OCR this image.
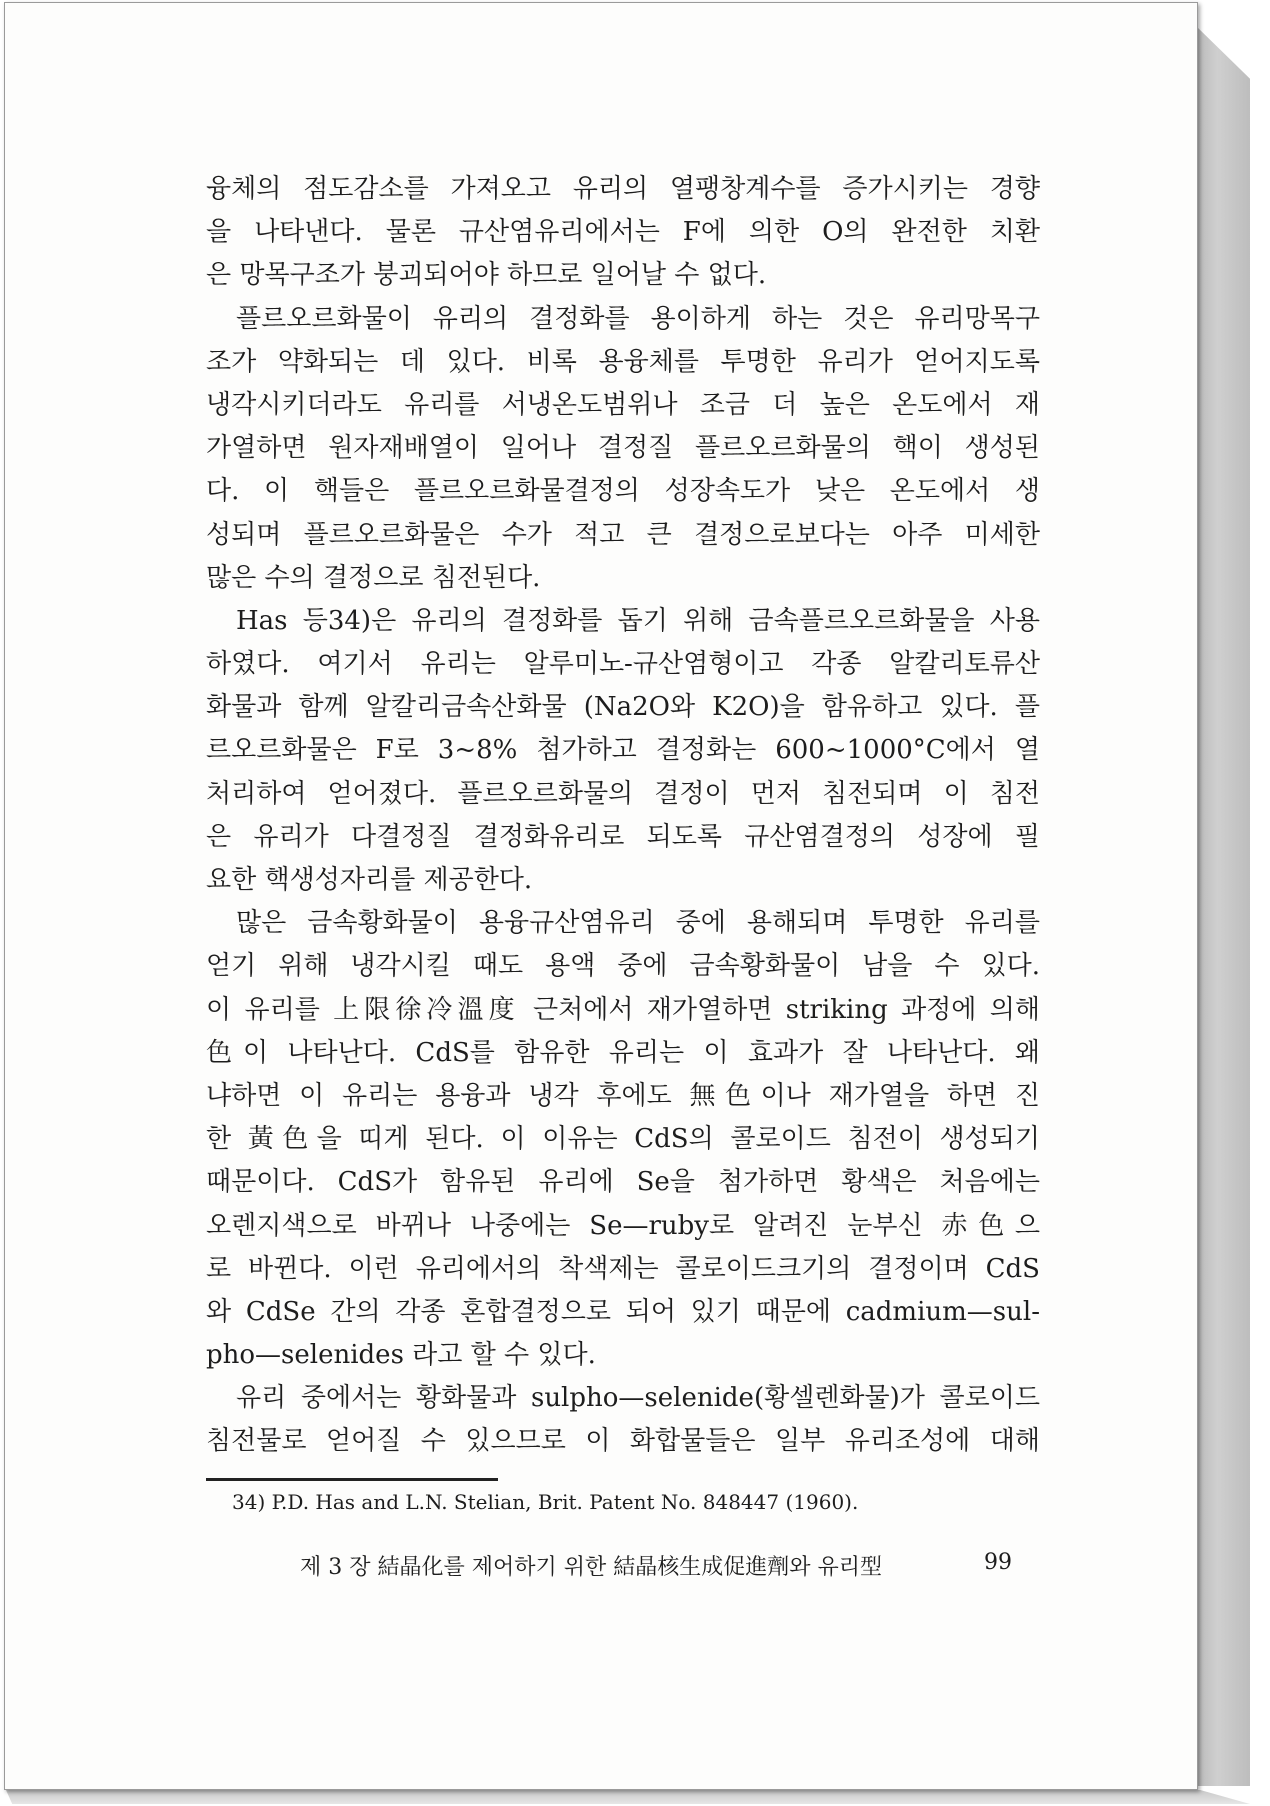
융체의 점도감소를 가져오고 유리의 열팽창계수를 증가시키는 경향
을 나타낸다. 물론 규산염유리에서는 F에 의한 O의 완전한 치환
은 망목구조가 붕괴되어야 하므로 일어날 수 없다.
플르오르화물이 유리의 결정화를 용이하게 하는 것은 유리망목구
조가 약화되는 데 있다. 비록 용융체를 투명한 유리가 얻어지도록
냉각시키더라도 유리를 서냉온도범위나 조금 더 높은 온도에서 재
가열하면 원자재배열이 일어나 결정질 플르오르화물의 핵이 생성된
다. 이 핵들은 플르오르화물결정의 성장속도가 낮은 온도에서 생
성되며 플르오르화물은 수가 적고 큰 결정으로보다는 아주 미세한
많은 수의 결정으로 침전된다.
Has 등34)은 유리의 결정화를 돕기 위해 금속플르오르화물을 사용
하였다. 여기서 유리는 알루미노-규산염형이고 각종 알칼리토류산
화물과 함께 알칼리금속산화물 (Na2O와 K2O)을 함유하고 있다. 플
르오르화물은 F로 3~8% 첨가하고 결정화는 600~1000°C에서 열
처리하여 얻어졌다. 플르오르화물의 결정이 먼저 침전되며 이 침전
은 유리가 다결정질 결정화유리로 되도록 규산염결정의 성장에 필
요한 핵생성자리를 제공한다.
많은 금속황화물이 용융규산염유리 중에 용해되며 투명한 유리를
얻기 위해 냉각시킬 때도 용액 중에 금속황화물이 남을 수 있다.
이 유리를 上限徐冷溫度 근처에서 재가열하면 striking 과정에 의해
色이 나타난다. CdS를 함유한 유리는 이 효과가 잘 나타난다. 왜
냐하면 이 유리는 용융과 냉각 후에도 無色이나 재가열을 하면 진
한 黃色을 띠게 된다. 이 이유는 CdS의 콜로이드 침전이 생성되기
때문이다. CdS가 함유된 유리에 Se을 첨가하면 황색은 처음에는
오렌지색으로 바뀌나 나중에는 Se—ruby로 알려진 눈부신 赤色으
로 바뀐다. 이런 유리에서의 착색제는 콜로이드크기의 결정이며 CdS
와 CdSe 간의 각종 혼합결정으로 되어 있기 때문에 cadmium—sul-
pho—selenides 라고 할 수 있다.
유리 중에서는 황화물과 sulpho—selenide(황셀렌화물)가 콜로이드
침전물로 얻어질 수 있으므로 이 화합물들은 일부 유리조성에 대해
34) P.D. Has and L.N. Stelian, Brit. Patent No. 848447 (1960).
제 3 장 結晶化를 제어하기 위한 結晶核生成促進劑와 유리型	99
